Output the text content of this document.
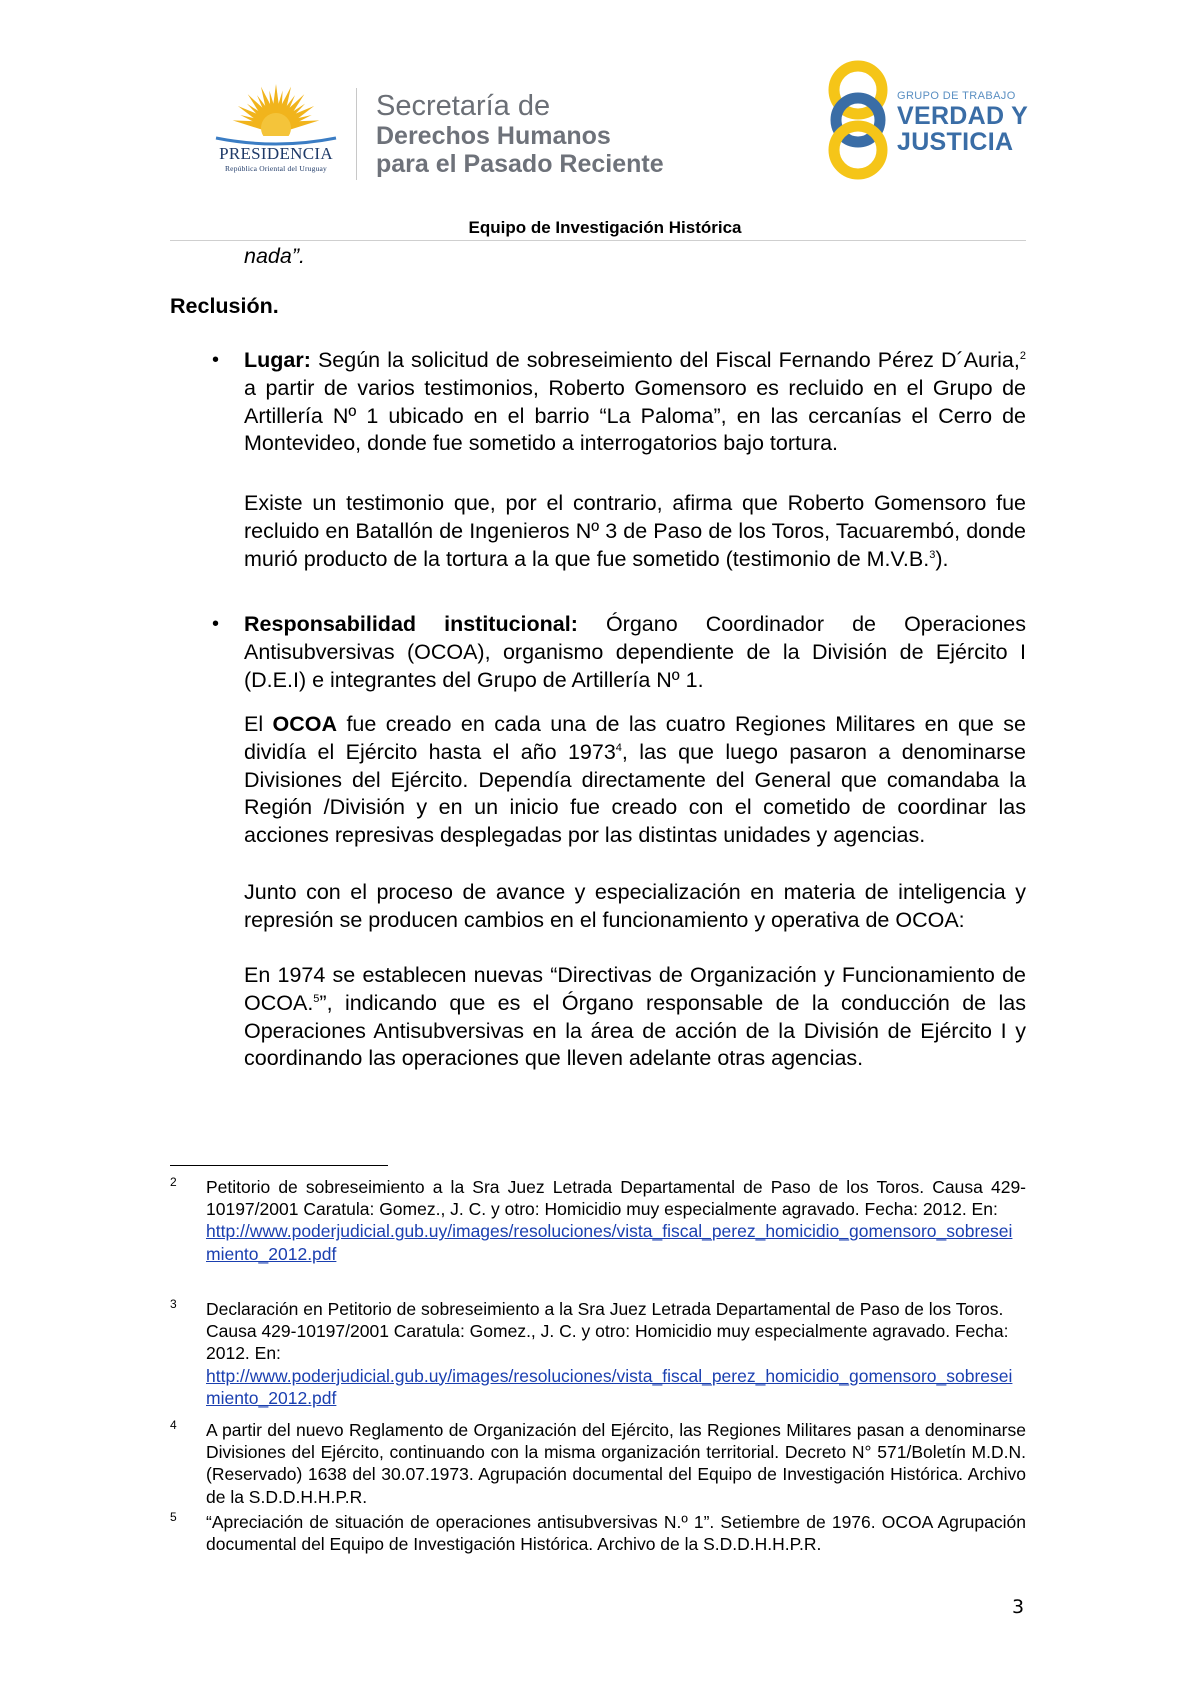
PRESIDENCIA
República Oriental del Uruguay
Secretaría de
Derechos Humanos
para el Pasado Reciente
GRUPO DE TRABAJO
VERDAD Y
JUSTICIA
Equipo de Investigación Histórica
nada”.
Reclusión.
• Lugar: Según la solicitud de sobreseimiento del Fiscal Fernando Pérez D´Auria,$^2$ a partir de varios testimonios, Roberto Gomensoro es recluido en el Grupo de Artillería Nº 1 ubicado en el barrio “La Paloma”, en las cercanías el Cerro de Montevideo, donde fue sometido a interrogatorios bajo tortura.
Existe un testimonio que, por el contrario, afirma que Roberto Gomensoro fue recluido en Batallón de Ingenieros Nº 3 de Paso de los Toros, Tacuarembó, donde murió producto de la tortura a la que fue sometido (testimonio de M.V.B.$^3$).
• Responsabilidad institucional: Órgano Coordinador de Operaciones Antisubversivas (OCOA), organismo dependiente de la División de Ejército I (D.E.I) e integrantes del Grupo de Artillería Nº 1.
El OCOA fue creado en cada una de las cuatro Regiones Militares en que se dividía el Ejército hasta el año 1973$^4$, las que luego pasaron a denominarse Divisiones del Ejército. Dependía directamente del General que comandaba la Región /División y en un inicio fue creado con el cometido de coordinar las acciones represivas desplegadas por las distintas unidades y agencias.
Junto con el proceso de avance y especialización en materia de inteligencia y represión se producen cambios en el funcionamiento y operativa de OCOA:
En 1974 se establecen nuevas “Directivas de Organización y Funcionamiento de OCOA.$^5$”, indicando que es el Órgano responsable de la conducción de las Operaciones Antisubversivas en la área de acción de la División de Ejército I y coordinando las operaciones que lleven adelante otras agencias.
2 Petitorio de sobreseimiento a la Sra Juez Letrada Departamental de Paso de los Toros. Causa 429-10197/2001 Caratula: Gomez., J. C. y otro: Homicidio muy especialmente agravado. Fecha: 2012. En:
http://www.poderjudicial.gub.uy/images/resoluciones/vista_fiscal_perez_homicidio_gomensoro_sobreseimiento_2012.pdf
3 Declaración en Petitorio de sobreseimiento a la Sra Juez Letrada Departamental de Paso de los Toros. Causa 429-10197/2001 Caratula: Gomez., J. C. y otro: Homicidio muy especialmente agravado. Fecha: 2012. En:
http://www.poderjudicial.gub.uy/images/resoluciones/vista_fiscal_perez_homicidio_gomensoro_sobreseimiento_2012.pdf
4 A partir del nuevo Reglamento de Organización del Ejército, las Regiones Militares pasan a denominarse Divisiones del Ejército, continuando con la misma organización territorial. Decreto N° 571/Boletín M.D.N. (Reservado) 1638 del 30.07.1973. Agrupación documental del Equipo de Investigación Histórica. Archivo de la S.D.D.H.H.P.R.
5 “Apreciación de situación de operaciones antisubversivas N.º 1”. Setiembre de 1976. OCOA Agrupación documental del Equipo de Investigación Histórica. Archivo de la S.D.D.H.H.P.R.
3
